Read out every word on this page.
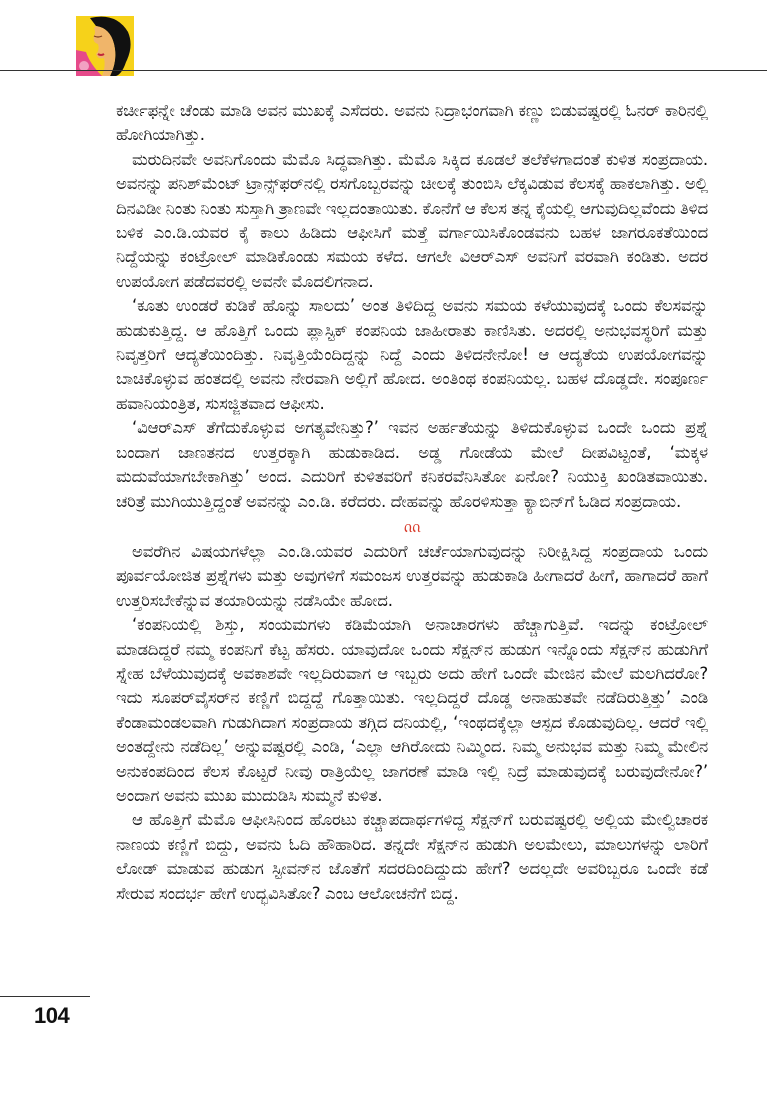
ಕರ್ಚೀಫನ್ನೇ ಚೆಂಡು ಮಾಡಿ ಅವನ ಮುಖಕ್ಕೆ ಎಸೆದರು. ಅವನು ನಿದ್ರಾಭಂಗವಾಗಿ ಕಣ್ಣು ಬಿಡುವಷ್ಟರಲ್ಲಿ ಓನರ್ ಕಾರಿನಲ್ಲಿ ಹೋಗಿಯಾಗಿತ್ತು.

ಮರುದಿನವೇ ಅವನಿಗೊಂದು ಮೆಮೊ ಸಿದ್ಧವಾಗಿತ್ತು. ಮೆಮೊ ಸಿಕ್ಕಿದ ಕೂಡಲೆ ತಲೆಕೆಳಗಾದಂತೆ ಕುಳಿತ ಸಂಪ್ರದಾಯ. ಅವನನ್ನು ಪನಿಶ್‌ಮೆಂಟ್ ಟ್ರಾನ್ಸ್‌ಫರ್‌ನಲ್ಲಿ ರಸಗೊಬ್ಬರವನ್ನು ಚೀಲಕ್ಕೆ ತುಂಬಿಸಿ ಲೆಕ್ಕವಿಡುವ ಕೆಲಸಕ್ಕೆ ಹಾಕಲಾಗಿತ್ತು. ಅಲ್ಲಿ ದಿನವಿಡೀ ನಿಂತು ನಿಂತು ಸುಸ್ತಾಗಿ ತ್ರಾಣವೇ ಇಲ್ಲದಂತಾಯಿತು. ಕೊನೆಗೆ ಆ ಕೆಲಸ ತನ್ನ ಕೈಯಲ್ಲಿ ಆಗುವುದಿಲ್ಲವೆಂದು ತಿಳಿದ ಬಳಿಕ ಎಂ.ಡಿ.ಯವರ ಕೈ ಕಾಲು ಹಿಡಿದು ಆಫೀಸಿಗೆ ಮತ್ತೆ ವರ್ಗಾಯಿಸಿಕೊಂಡವನು ಬಹಳ ಜಾಗರೂಕತೆಯಿಂದ ನಿದ್ದೆಯನ್ನು ಕಂಟ್ರೋಲ್ ಮಾಡಿಕೊಂಡು ಸಮಯ ಕಳೆದ. ಆಗಲೇ ವಿಆರ್‌ಎಸ್ ಅವನಿಗೆ ವರವಾಗಿ ಕಂಡಿತು. ಅದರ ಉಪಯೋಗ ಪಡೆದವರಲ್ಲಿ ಅವನೇ ಮೊದಲಿಗನಾದ.

‘ಕೂತು ಉಂಡರೆ ಕುಡಿಕೆ ಹೊನ್ನು ಸಾಲದು’ ಅಂತ ತಿಳಿದಿದ್ದ ಅವನು ಸಮಯ ಕಳೆಯುವುದಕ್ಕೆ ಒಂದು ಕೆಲಸವನ್ನು ಹುಡುಕುತ್ತಿದ್ದ. ಆ ಹೊತ್ತಿಗೆ ಒಂದು ಪ್ಲಾಸ್ಟಿಕ್ ಕಂಪನಿಯ ಜಾಹೀರಾತು ಕಾಣಿಸಿತು. ಅದರಲ್ಲಿ ಅನುಭವಸ್ಥರಿಗೆ ಮತ್ತು ನಿವೃತ್ತರಿಗೆ ಆದ್ಯತೆಯಿಂದಿತ್ತು. ನಿವೃತ್ತಿಯೆಂದಿದ್ದನ್ನು ನಿದ್ದೆ ಎಂದು ತಿಳಿದನೇನೋ! ಆ ಆದ್ಯತೆಯ ಉಪಯೋಗವನ್ನು ಬಾಚಿಕೊಳ್ಳುವ ಹಂತದಲ್ಲಿ ಅವನು ನೇರವಾಗಿ ಅಲ್ಲಿಗೆ ಹೋದ. ಅಂತಿಂಥ ಕಂಪನಿಯಲ್ಲ. ಬಹಳ ದೊಡ್ಡದೇ. ಸಂಪೂರ್ಣ ಹವಾನಿಯಂತ್ರಿತ, ಸುಸಜ್ಜಿತವಾದ ಆಫೀಸು.

‘ವಿಆರ್‌ಎಸ್ ತೆಗೆದುಕೊಳ್ಳುವ ಅಗತ್ಯವೇನಿತ್ತು?’ ಇವನ ಅರ್ಹತೆಯನ್ನು ತಿಳಿದುಕೊಳ್ಳುವ ಒಂದೇ ಒಂದು ಪ್ರಶ್ನೆ ಬಂದಾಗ ಜಾಣತನದ ಉತ್ತರಕ್ಕಾಗಿ ಹುಡುಕಾಡಿದ. ಅಡ್ಡ ಗೋಡೆಯ ಮೇಲೆ ದೀಪವಿಟ್ಟಂತೆ, ‘ಮಕ್ಕಳ ಮದುವೆಯಾಗಬೇಕಾಗಿತ್ತು’ ಅಂದ. ಎದುರಿಗೆ ಕುಳಿತವರಿಗೆ ಕನಿಕರವೆನಿಸಿತೋ ಏನೋ? ನಿಯುಕ್ತಿ ಖಂಡಿತವಾಯಿತು. ಚರಿತ್ರೆ ಮುಗಿಯುತ್ತಿದ್ದಂತೆ ಅವನನ್ನು ಎಂ.ಡಿ. ಕರೆದರು. ದೇಹವನ್ನು ಹೊರಳಿಸುತ್ತಾ ಕ್ಯಾಬಿನ್‌ಗೆ ಓಡಿದ ಸಂಪ್ರದಾಯ.

ᦶ

ಅವರೆಗಿನ ವಿಷಯಗಳೆಲ್ಲಾ ಎಂ.ಡಿ.ಯವರ ಎದುರಿಗೆ ಚರ್ಚೆಯಾಗುವುದನ್ನು ನಿರೀಕ್ಷಿಸಿದ್ದ ಸಂಪ್ರದಾಯ ಒಂದು ಪೂರ್ವಯೋಜಿತ ಪ್ರಶ್ನೆಗಳು ಮತ್ತು ಅವುಗಳಿಗೆ ಸಮಂಜಸ ಉತ್ತರವನ್ನು ಹುಡುಕಾಡಿ ಹೀಗಾದರೆ ಹೀಗೆ, ಹಾಗಾದರೆ ಹಾಗೆ ಉತ್ತರಿಸಬೇಕೆನ್ನುವ ತಯಾರಿಯನ್ನು ನಡೆಸಿಯೇ ಹೋದ.

‘ಕಂಪನಿಯಲ್ಲಿ ಶಿಸ್ತು, ಸಂಯಮಗಳು ಕಡಿಮೆಯಾಗಿ ಅನಾಚಾರಗಳು ಹೆಚ್ಚಾಗುತ್ತಿವೆ. ಇದನ್ನು ಕಂಟ್ರೋಲ್ ಮಾಡದಿದ್ದರೆ ನಮ್ಮ ಕಂಪನಿಗೆ ಕೆಟ್ಟ ಹೆಸರು. ಯಾವುದೋ ಒಂದು ಸೆಕ್ಷನ್‌ನ ಹುಡುಗ ಇನ್ನೊಂದು ಸೆಕ್ಷನ್‌ನ ಹುಡುಗಿಗೆ ಸ್ನೇಹ ಬೆಳೆಯುವುದಕ್ಕೆ ಅವಕಾಶವೇ ಇಲ್ಲದಿರುವಾಗ ಆ ಇಬ್ಬರು ಅದು ಹೇಗೆ ಒಂದೇ ಮೇಜಿನ ಮೇಲೆ ಮಲಗಿದರೋ? ಇದು ಸೂಪರ್‌ವೈಸರ್‌ನ ಕಣ್ಣಿಗೆ ಬಿದ್ದದ್ದೆ ಗೊತ್ತಾಯಿತು. ಇಲ್ಲದಿದ್ದರೆ ದೊಡ್ಡ ಅನಾಹುತವೇ ನಡೆದಿರುತ್ತಿತ್ತು’ ಎಂಡಿ ಕೆಂಡಾಮಂಡಲವಾಗಿ ಗುಡುಗಿದಾಗ ಸಂಪ್ರದಾಯ ತಗ್ಗಿದ ದನಿಯಲ್ಲಿ, ‘ಇಂಥದಕ್ಕೆಲ್ಲಾ ಆಸ್ಪದ ಕೊಡುವುದಿಲ್ಲ. ಆದರೆ ಇಲ್ಲಿ ಅಂತದ್ದೇನು ನಡೆದಿಲ್ಲ’ ಅನ್ನುವಷ್ಟರಲ್ಲಿ ಎಂಡಿ, ‘ಎಲ್ಲಾ ಆಗಿರೋದು ನಿಮ್ಮಿಂದ. ನಿಮ್ಮ ಅನುಭವ ಮತ್ತು ನಿಮ್ಮ ಮೇಲಿನ ಅನುಕಂಪದಿಂದ ಕೆಲಸ ಕೊಟ್ಟರೆ ನೀವು ರಾತ್ರಿಯೆಲ್ಲ ಜಾಗರಣೆ ಮಾಡಿ ಇಲ್ಲಿ ನಿದ್ರೆ ಮಾಡುವುದಕ್ಕೆ ಬರುವುದೇನೋ?’ ಅಂದಾಗ ಅವನು ಮುಖ ಮುದುಡಿಸಿ ಸುಮ್ಮನೆ ಕುಳಿತ.

ಆ ಹೊತ್ತಿಗೆ ಮೆಮೊ ಆಫೀಸಿನಿಂದ ಹೊರಟು ಕಚ್ಚಾಪದಾರ್ಥಗಳಿದ್ದ ಸೆಕ್ಷನ್‌ಗೆ ಬರುವಷ್ಟರಲ್ಲಿ ಅಲ್ಲಿಯ ಮೇಲ್ವಿಚಾರಕ ನಾಣಯ ಕಣ್ಣಿಗೆ ಬಿದ್ದು, ಅವನು ಓದಿ ಹೌಹಾರಿದ. ತನ್ನದೇ ಸೆಕ್ಷನ್‌ನ ಹುಡುಗಿ ಅಲಮೇಲು, ಮಾಲುಗಳನ್ನು ಲಾರಿಗೆ ಲೋಡ್ ಮಾಡುವ ಹುಡುಗ ಸ್ಟೀವನ್‌ನ ಜೊತೆಗೆ ಸದರದಿಂದಿದ್ದುದು ಹೇಗೆ? ಅದಲ್ಲದೇ ಅವರಿಬ್ಬರೂ ಒಂದೇ ಕಡೆ ಸೇರುವ ಸಂದರ್ಭ ಹೇಗೆ ಉದ್ಭವಿಸಿತೋ? ಎಂಬ ಆಲೋಚನೆಗೆ ಬಿದ್ದ.

104
